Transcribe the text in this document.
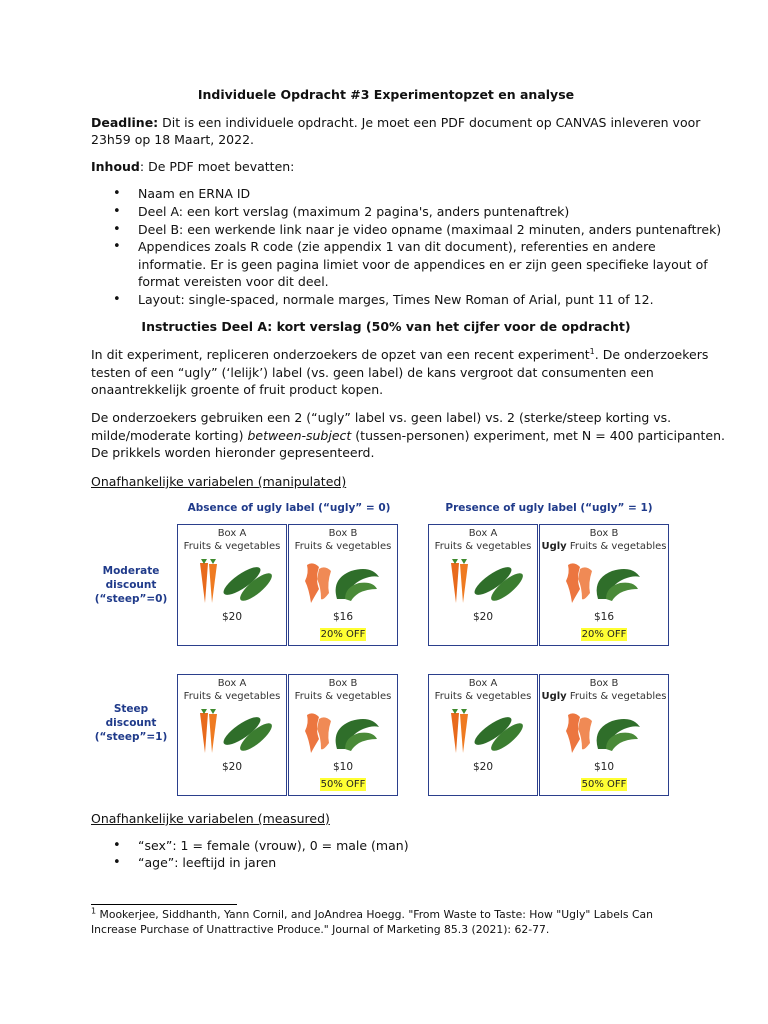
Individuele Opdracht #3 Experimentopzet en analyse
Deadline: Dit is een individuele opdracht. Je moet een PDF document op CANVAS inleveren voor
23h59 op 18 Maart, 2022.
Inhoud: De PDF moet bevatten:
• Naam en ERNA ID
• Deel A: een kort verslag (maximum 2 pagina's, anders puntenaftrek)
• Deel B: een werkende link naar je video opname (maximaal 2 minuten, anders puntenaftrek)
• Appendices zoals R code (zie appendix 1 van dit document), referenties en andere
informatie. Er is geen pagina limiet voor de appendices en er zijn geen specifieke layout of
format vereisten voor dit deel.
• Layout: single-spaced, normale marges, Times New Roman of Arial, punt 11 of 12.
Instructies Deel A: kort verslag (50% van het cijfer voor de opdracht)
In dit experiment, repliceren onderzoekers de opzet van een recent experiment$^1$. De onderzoekers
testen of een “ugly” (‘lelijk’) label (vs. geen label) de kans vergroot dat consumenten een
onaantrekkelijk groente of fruit product kopen.
De onderzoekers gebruiken een 2 (“ugly” label vs. geen label) vs. 2 (sterke/steep korting vs.
milde/moderate korting) between-subject (tussen-personen) experiment, met N = 400 participanten.
De prikkels worden hieronder gepresenteerd.
Onafhankelijke variabelen (manipulated)
Absence of ugly label (“ugly” = 0)	Presence of ugly label (“ugly” = 1)
Moderate
discount
(“steep”=0)
Steep
discount
(“steep”=1)
Box A
Fruits & vegetables
$20
Box B
Fruits & vegetables
$16
20% OFF
Box A
Fruits & vegetables
$20
Box B
Ugly Fruits & vegetables
$16
20% OFF
Box A
Fruits & vegetables
$20
Box B
Fruits & vegetables
$10
50% OFF
Box A
Fruits & vegetables
$20
Box B
Ugly Fruits & vegetables
$10
50% OFF
Onafhankelijke variabelen (measured)
• “sex”: 1 = female (vrouw), 0 = male (man)
• “age”: leeftijd in jaren
$^1$ Mookerjee, Siddhanth, Yann Cornil, and JoAndrea Hoegg. "From Waste to Taste: How "Ugly" Labels Can
Increase Purchase of Unattractive Produce." Journal of Marketing 85.3 (2021): 62-77.
